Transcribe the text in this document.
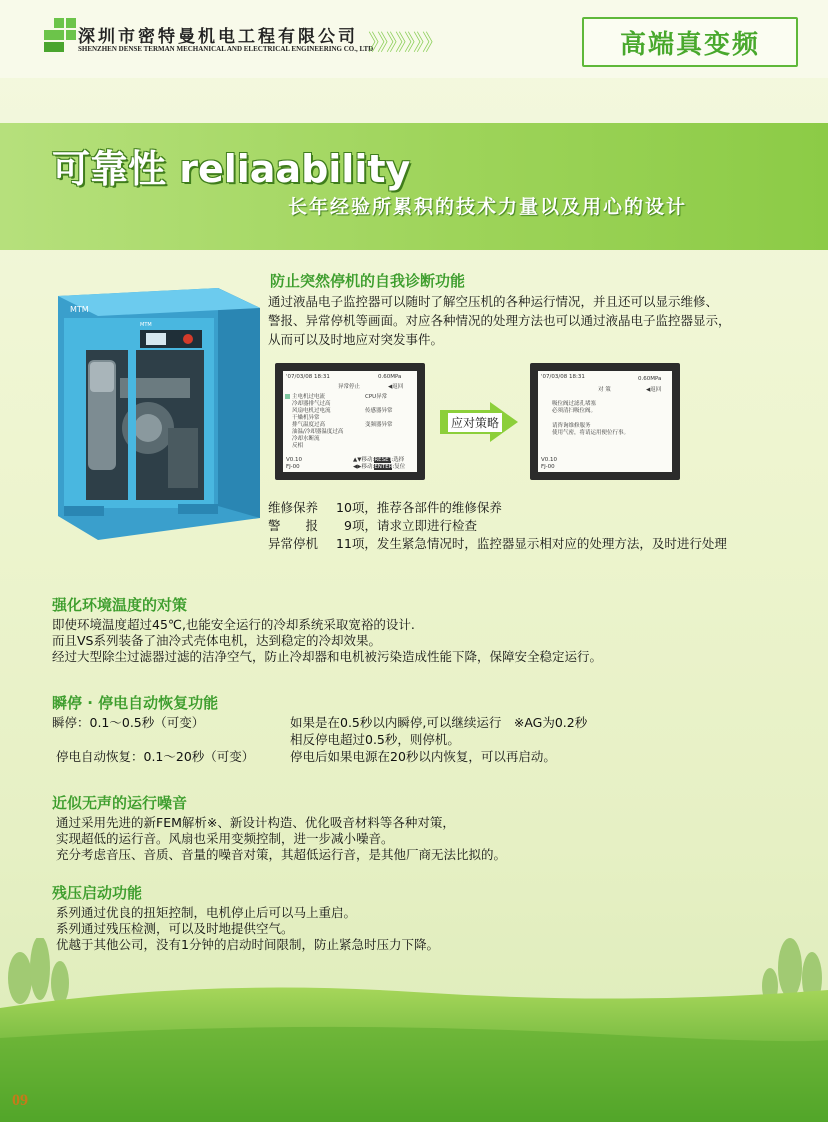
深圳市密特曼机电工程有限公司
SHENZHEN DENSE TERMAN MECHANICAL AND ELECTRICAL ENGINEERING CO., LTD
》》》》》》》	高端真变频
可靠性 reliaability
长年经验所累积的技术力量以及用心的设计
MTM
MTM
防止突然停机的自我诊断功能
通过液晶电子监控器可以随时了解空压机的各种运行情况，并且还可以显示维修、
警报、异常停机等画面。对应各种情况的处理方法也可以通过液晶电子监控器显示，
从而可以及时地应对突发事件。
'07/03/08 18:31	0.60MPa
异常停止	◀返回
主电机过电流
冷却器排气过高
风扇电机过电流
干燥机异常
排气温度过高
油温/冷却器温度过高
冷却水断流
反相
CPU异常
传感器异常
变频器异常
V0.10
FJ-00
▲▼移动:RESET:选择
◀▶移动:ENTER:复位
应对策略
'07/03/08 18:31	0.60MPa
对 策	◀返回
吸位阀过滤孔堵塞
必须清扫吸位阀。
请咨询维修服务
使用气密，将请运用便位行事。
V0.10
FJ-00
维修保养 10项，推荐各部件的维修保养
警　　报 9项，请求立即进行检查
异常停机 11项，发生紧急情况时，监控器显示相对应的处理方法，及时进行处理
强化环境温度的对策
即使环境温度超过45℃,也能安全运行的冷却系统采取宽裕的设计.
而且VS系列装备了油冷式壳体电机，达到稳定的冷却效果。
经过大型除尘过滤器过滤的洁净空气，防止冷却器和电机被污染造成性能下降，保障安全稳定运行。
瞬停 · 停电自动恢复功能
瞬停：0.1～0.5秒（可变）	如果是在0.5秒以内瞬停,可以继续运行　※AG为0.2秒
相反停电超过0.5秒，则停机。
停电自动恢复：0.1～20秒（可变）	停电后如果电源在20秒以内恢复，可以再启动。
近似无声的运行噪音
通过采用先进的新FEM解析※、新设计构造、优化吸音材料等各种对策，
实现超低的运行音。风扇也采用变频控制，进一步减小噪音。
充分考虑音压、音质、音量的噪音对策，其超低运行音，是其他厂商无法比拟的。
残压启动功能
系列通过优良的扭矩控制，电机停止后可以马上重启。
系列通过残压检测，可以及时地提供空气。
优越于其他公司，没有1分钟的启动时间限制，防止紧急时压力下降。
09
